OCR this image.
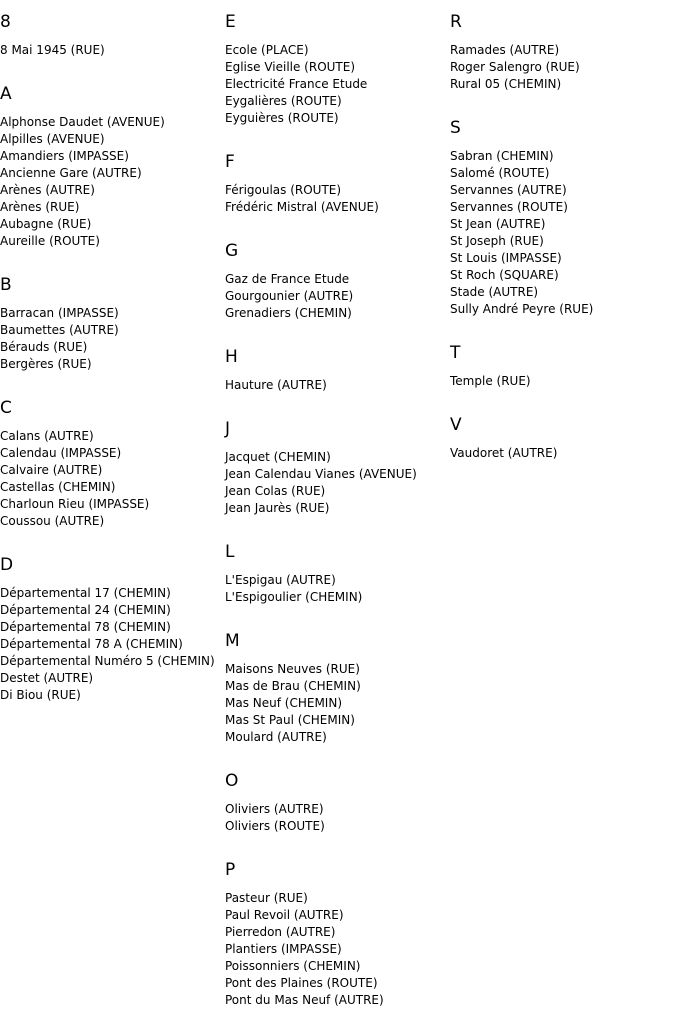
8
8 Mai 1945 (RUE)
A
Alphonse Daudet (AVENUE)
Alpilles (AVENUE)
Amandiers (IMPASSE)
Ancienne Gare (AUTRE)
Arènes (AUTRE)
Arènes (RUE)
Aubagne (RUE)
Aureille (ROUTE)
B
Barracan (IMPASSE)
Baumettes (AUTRE)
Bérauds (RUE)
Bergères (RUE)
C
Calans (AUTRE)
Calendau (IMPASSE)
Calvaire (AUTRE)
Castellas (CHEMIN)
Charloun Rieu (IMPASSE)
Coussou (AUTRE)
D
Départemental 17 (CHEMIN)
Départemental 24 (CHEMIN)
Départemental 78 (CHEMIN)
Départemental 78 A (CHEMIN)
Départemental Numéro 5 (CHEMIN)
Destet (AUTRE)
Di Biou (RUE)
E
Ecole (PLACE)
Eglise Vieille (ROUTE)
Electricité France Etude
Eygalières (ROUTE)
Eyguières (ROUTE)
F
Férigoulas (ROUTE)
Frédéric Mistral (AVENUE)
G
Gaz de France Etude
Gourgounier (AUTRE)
Grenadiers (CHEMIN)
H
Hauture (AUTRE)
J
Jacquet (CHEMIN)
Jean Calendau Vianes (AVENUE)
Jean Colas (RUE)
Jean Jaurès (RUE)
L
L'Espigau (AUTRE)
L'Espigoulier (CHEMIN)
M
Maisons Neuves (RUE)
Mas de Brau (CHEMIN)
Mas Neuf (CHEMIN)
Mas St Paul (CHEMIN)
Moulard (AUTRE)
O
Oliviers (AUTRE)
Oliviers (ROUTE)
P
Pasteur (RUE)
Paul Revoil (AUTRE)
Pierredon (AUTRE)
Plantiers (IMPASSE)
Poissonniers (CHEMIN)
Pont des Plaines (ROUTE)
Pont du Mas Neuf (AUTRE)
R
Ramades (AUTRE)
Roger Salengro (RUE)
Rural 05 (CHEMIN)
S
Sabran (CHEMIN)
Salomé (ROUTE)
Servannes (AUTRE)
Servannes (ROUTE)
St Jean (AUTRE)
St Joseph (RUE)
St Louis (IMPASSE)
St Roch (SQUARE)
Stade (AUTRE)
Sully André Peyre (RUE)
T
Temple (RUE)
V
Vaudoret (AUTRE)
